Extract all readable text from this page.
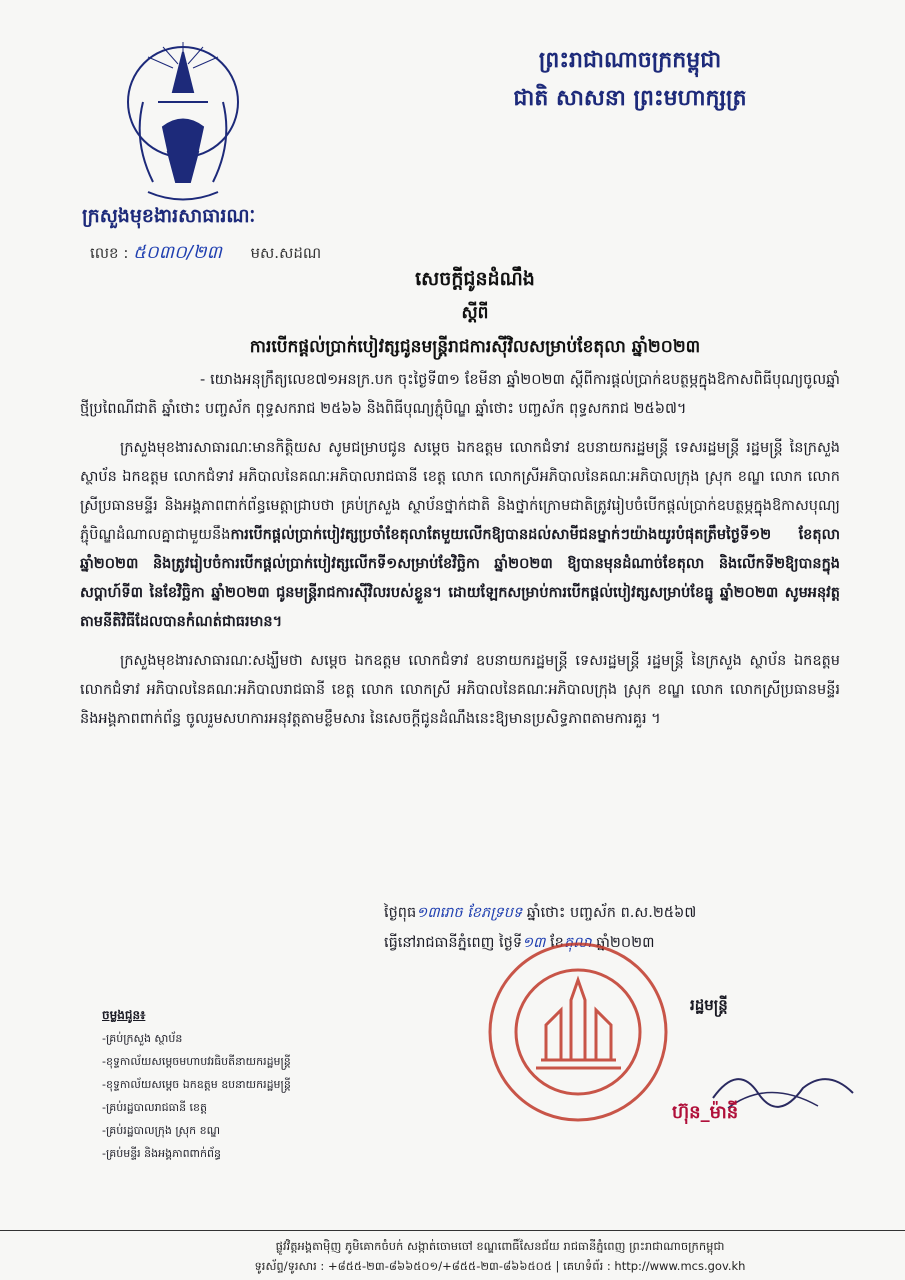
ព្រះរាជាណាចក្រកម្ពុជា
ជាតិ សាសនា ព្រះមហាក្សត្រ
ក្រសួងមុខងារសាធារណៈ
លេខ : ៥០៣០/២៣ មស.សដណ
សេចក្តីជូនដំណឹង
ស្តីពី
ការបើកផ្តល់ប្រាក់បៀវត្សជូនមន្ត្រីរាជការស៊ីវិលសម្រាប់ខែតុលា ឆ្នាំ២០២៣

- យោងអនុក្រឹត្យលេខ៧១អនក្រ.បក ចុះថ្ងៃទី៣១ ខែមីនា ឆ្នាំ២០២៣ ស្តីពីការផ្តល់ប្រាក់ឧបត្ថម្ភក្នុងឱកាសពិធីបុណ្យចូលឆ្នាំថ្មីប្រពៃណីជាតិ ឆ្នាំថោះ បញ្ចស័ក ពុទ្ធសករាជ ២៥៦៦ និងពិធីបុណ្យភ្ជុំបិណ្ឌ ឆ្នាំថោះ បញ្ចស័ក ពុទ្ធសករាជ ២៥៦៧។

ក្រសួងមុខងារសាធារណៈមានកិត្តិយស សូមជម្រាបជូន សម្តេច ឯកឧត្តម លោកជំទាវ ឧបនាយករដ្ឋមន្ត្រី ទេសរដ្ឋមន្ត្រី រដ្ឋមន្ត្រី នៃក្រសួង ស្ថាប័ន ឯកឧត្តម លោកជំទាវ អភិបាលនៃគណៈអភិបាលរាជធានី ខេត្ត លោក លោកស្រីអភិបាលនៃគណៈអភិបាលក្រុង ស្រុក ខណ្ឌ លោក លោកស្រីប្រធានមន្ទីរ និងអង្គភាពពាក់ព័ន្ធមេត្តាជ្រាបថា គ្រប់ក្រសួង ស្ថាប័នថ្នាក់ជាតិ និងថ្នាក់ក្រោមជាតិត្រូវរៀបចំបើកផ្តល់ប្រាក់ឧបត្ថម្ភក្នុងឱកាសបុណ្យភ្ជុំបិណ្ឌដំណាលគ្នាជាមួយនឹងការបើកផ្តល់ប្រាក់បៀវត្សប្រចាំខែតុលាតែមួយលើកឱ្យបានដល់សាមីជនម្នាក់ៗយ៉ាងយូរបំផុតត្រឹមថ្ងៃទី១២ ខែតុលា ឆ្នាំ២០២៣ និងត្រូវរៀបចំការបើកផ្តល់ប្រាក់បៀវត្សលើកទី១សម្រាប់ខែវិច្ឆិកា ឆ្នាំ២០២៣ ឱ្យបានមុនដំណាច់ខែតុលា និងលើកទី២ឱ្យបានក្នុងសប្តាហ៍ទី៣ នៃខែវិច្ឆិកា ឆ្នាំ២០២៣ ជូនមន្ត្រីរាជការស៊ីវិលរបស់ខ្លួន។ ដោយឡែកសម្រាប់ការបើកផ្តល់បៀវត្សសម្រាប់ខែធ្នូ ឆ្នាំ២០២៣ សូមអនុវត្តតាមនីតិវិធីដែលបានកំណត់ជាធរមាន។

ក្រសួងមុខងារសាធារណៈសង្ឃឹមថា សម្តេច ឯកឧត្តម លោកជំទាវ ឧបនាយករដ្ឋមន្ត្រី ទេសរដ្ឋមន្ត្រី រដ្ឋមន្ត្រី នៃក្រសួង ស្ថាប័ន ឯកឧត្តម លោកជំទាវ អភិបាលនៃគណៈអភិបាលរាជធានី ខេត្ត លោក លោកស្រី អភិបាលនៃគណៈអភិបាលក្រុង ស្រុក ខណ្ឌ លោក លោកស្រីប្រធានមន្ទីរ និងអង្គភាពពាក់ព័ន្ធ ចូលរួមសហការអនុវត្តតាមខ្លឹមសារ នៃសេចក្តីជូនដំណឹងនេះឱ្យមានប្រសិទ្ធភាពតាមការគួរ ។

ថ្ងៃពុធ១៣រោច ខែភទ្របទ ឆ្នាំថោះ បញ្ចស័ក ព.ស.២៥៦៧
ធ្វើនៅរាជធានីភ្នំពេញ ថ្ងៃទី១៣ ខែតុលា ឆ្នាំ២០២៣
រដ្ឋមន្ត្រី
ហ៊ុន_ម៉ានី
ចម្លងជូន៖
-គ្រប់ក្រសួង ស្ថាប័ន
-ខុទ្ទកាល័យសម្តេចមហាបវរធិបតីនាយករដ្ឋមន្ត្រី
-ខុទ្ទកាល័យសម្តេច ឯកឧត្តម ឧបនាយករដ្ឋមន្ត្រី
-គ្រប់រដ្ឋបាលរាជធានី ខេត្ត
-គ្រប់រដ្ឋបាលក្រុង ស្រុក ខណ្ឌ
-គ្រប់មន្ទីរ និងអង្គភាពពាក់ព័ន្ធ
ផ្លូវវិត្តអង្គតាម៉ិញ ភូមិគោកចំបក់ សង្កាត់ចោមចៅ ខណ្ឌពោធិ៍សែនជ័យ រាជធានីភ្នំពេញ ព្រះរាជាណាចក្រកម្ពុជា
ទូរស័ព្ទ/ទូរសារ : +៨៥៥-២៣-៨៦៦៥០១/+៨៥៥-២៣-៨៦៦៥០៥ | គេហទំព័រ : http://www.mcs.gov.kh
